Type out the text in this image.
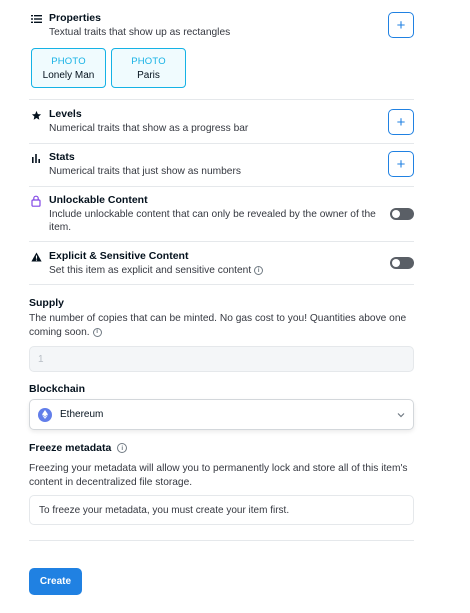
Properties
Textual traits that show up as rectangles	+
PHOTO
Lonely Man
PHOTO
Paris
Levels
Numerical traits that show as a progress bar	+
Stats
Numerical traits that just show as numbers	+
Unlockable Content
Include unlockable content that can only be revealed by the owner of the item.
Explicit & Sensitive Content
Set this item as explicit and sensitive content i
Supply
The number of copies that can be minted. No gas cost to you! Quantities above one coming soon. i
1
Blockchain
Ethereum
Freeze metadata i
Freezing your metadata will allow you to permanently lock and store all of this item's content in decentralized file storage.
To freeze your metadata, you must create your item first.
Create
